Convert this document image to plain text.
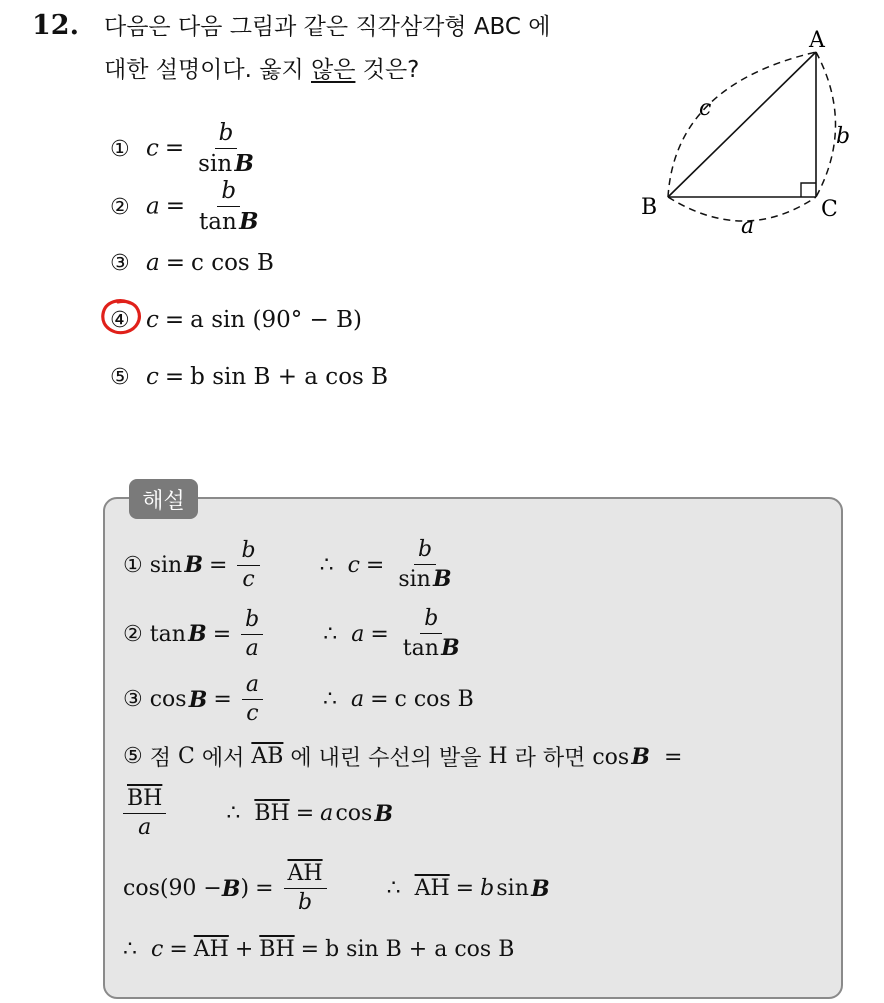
12. 다음은 다음 그림과 같은 직각삼각형 ABC 에
대한 설명이다. 옳지 않은 것은?
A
B	C
a
b
c
① $c = \frac{b}{\text{sin B}}$
② $a = \frac{b}{\text{tan B}}$
③ a = c cos B
④ c = a sin (90° − B)
⑤ c = b sin B + a cos B
해설
①
sin
  $B = \frac{b}{c}$	∴
$c = \frac{b}{\text{sin  B}}$
②
tan
  $B = \frac{b}{a}$	∴
$a = \frac{b}{\text{tan  B}}$
③ cos  $B = \frac{a}{c}$	∴
a = c cos B
⑤
점
C
에서
$\overline{AB}$
에 내린 수선의 발을
H
라 하면
cos B  =
$\frac{\overline{BH}}{a}$	∴
$\overline{BH} = a$  cos  B
cos(90 − B ) = $\frac{\overline{AH}}{b}$	∴
$\overline{AH} = b$  sin  B
∴
$c = \overline{AH} + \overline{BH} = b$ sin B + a cos B
